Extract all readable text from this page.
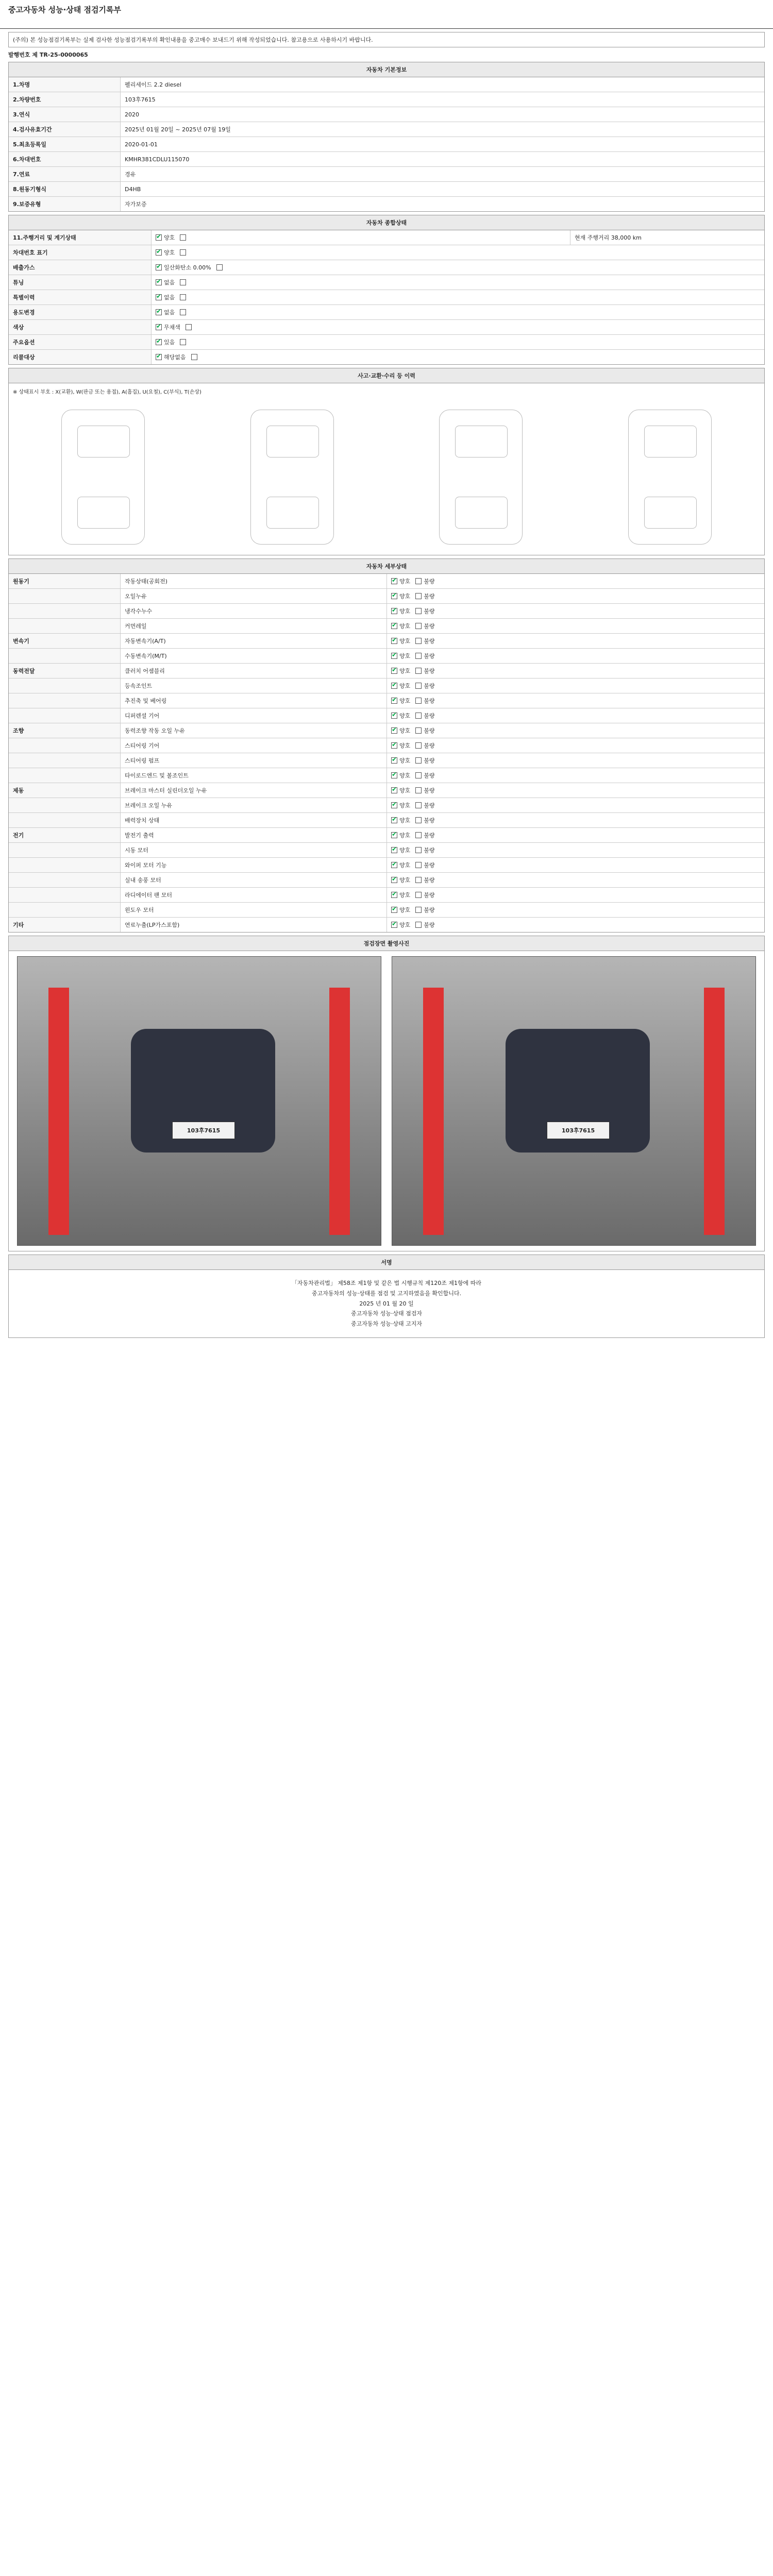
중고자동차 성능·상태 점검기록부
(주의) 본 성능점검기록부는 실제 검사한 성능점검기록부의 확인내용을 중고매수 보내드기 위해 작성되었습니다. 참고용으로 사용하시기 바랍니다.
발행번호 제 TR-25-0000065
자동차 기본정보
1.차명	펠리세이드 2.2 diesel
2.차량번호	103후7615
3.연식	2020
4.검사유효기간	2025년 01월 20일 ~ 2025년 07월 19일
5.최초등록일	2020-01-01
6.차대번호	KMHR381CDLU115070
7.연료	경유
8.원동기형식	D4HB
9.보증유형	자가보증
자동차 종합상태
11.주행거리 및 계기상태 ✔	양호	현재 주행거리 38,000 km
차대번호 표기 ✔	양호
배출가스 ✔	일산화탄소 0.00%
튜닝 ✔	없음
특별이력 ✔	없음
용도변경 ✔	없음
색상 ✔	무채색
주요옵션 ✔	있음
리콜대상 ✔	해당없음
사고·교환·수리 등 이력
※ 상태표시 부호 : X(교환), W(판금 또는 용접), A(흠집), U(요철), C(부식), T(손상)
자동차 세부상태
원동기	작동상태(공회전) ✔	양호 불량
오일누유 ✔	양호 불량
냉각수누수 ✔	양호 불량
커먼레일 ✔	양호 불량
변속기	자동변속기(A/T) ✔	양호 불량
수동변속기(M/T) ✔	양호 불량
동력전달	클러치 어셈블리 ✔	양호 불량
등속조인트 ✔	양호 불량
추진축 및 베어링 ✔	양호 불량
디퍼렌셜 기어 ✔	양호 불량
조향	동력조향 작동 오일 누유 ✔	양호 불량
스티어링 기어 ✔	양호 불량
스티어링 펌프 ✔	양호 불량
타이로드엔드 및 볼조인트 ✔	양호 불량
제동	브레이크 마스터 실린더오일 누유 ✔	양호 불량
브레이크 오일 누유 ✔	양호 불량
배력장치 상태 ✔	양호 불량
전기	발전기 출력 ✔	양호 불량
시동 모터 ✔	양호 불량
와이퍼 모터 기능 ✔	양호 불량
실내 송풍 모터 ✔	양호 불량
라디에이터 팬 모터 ✔	양호 불량
윈도우 모터 ✔	양호 불량
기타	연료누출(LP가스포함) ✔	양호 불량
점검장면 촬영사진
103후7615	103후7615
서명
「자동차관리법」 제58조 제1항 및 같은 법 시행규칙 제120조 제1항에 따라
중고자동차의 성능·상태를 점검 및 고지하였음을 확인합니다.
2025 년 01 월 20 일
중고자동차 성능·상태 점검자
중고자동차 성능·상태 고지자
